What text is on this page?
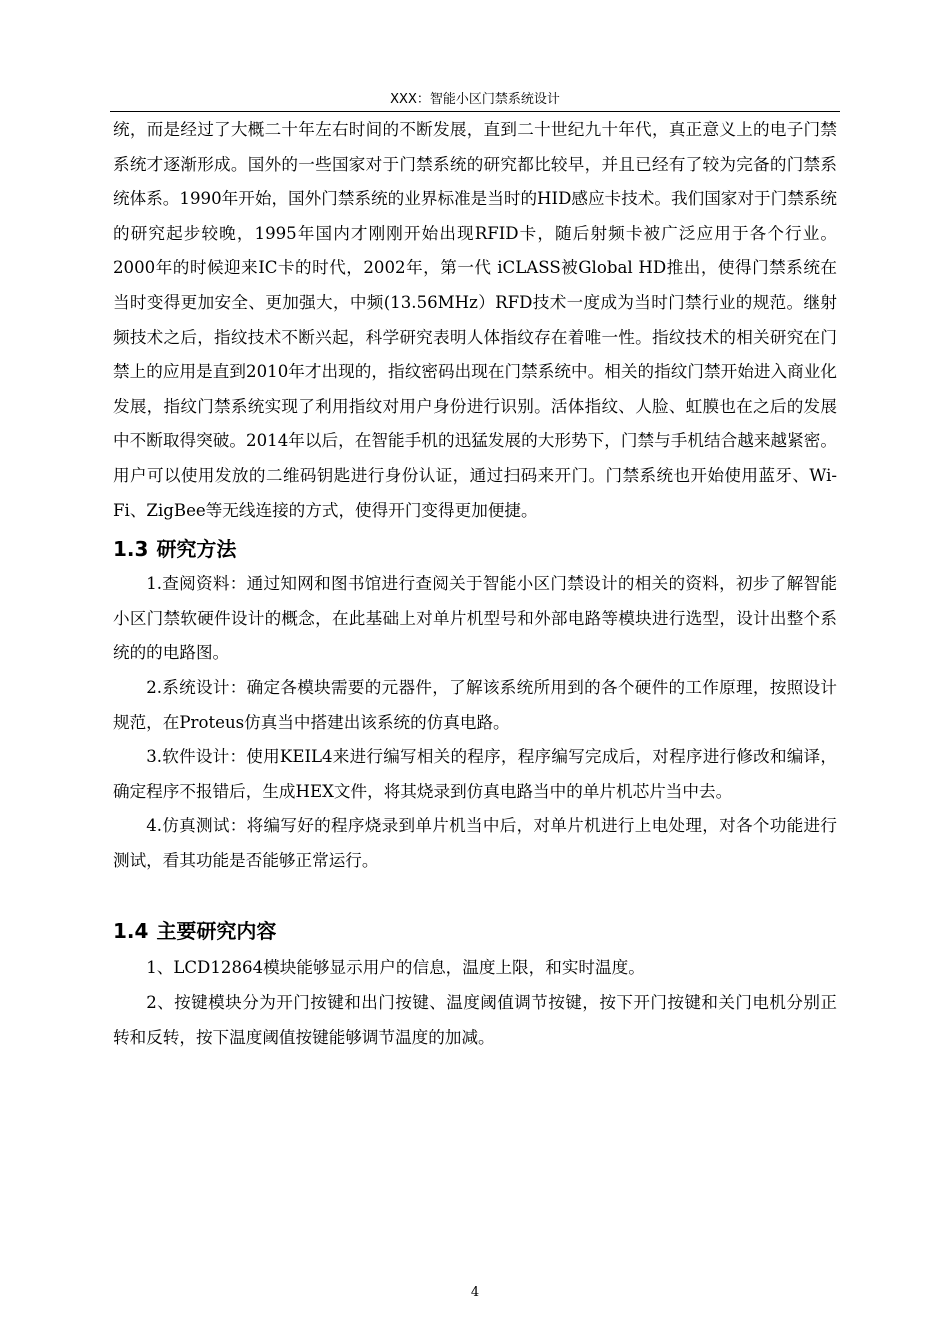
XXX：智能小区门禁系统设计

统，而是经过了大概二十年左右时间的不断发展，直到二十世纪九十年代，真正意义上的电子门禁系统才逐渐形成。国外的一些国家对于门禁系统的研究都比较早，并且已经有了较为完备的门禁系统体系。1990年开始，国外门禁系统的业界标准是当时的HID感应卡技术。我们国家对于门禁系统的研究起步较晚，1995年国内才刚刚开始出现RFID卡，随后射频卡被广泛应用于各个行业。2000年的时候迎来IC卡的时代，2002年，第一代 iCLASS被Global HD推出，使得门禁系统在当时变得更加安全、更加强大，中频(13.56MHz）RFD技术一度成为当时门禁行业的规范。继射频技术之后，指纹技术不断兴起，科学研究表明人体指纹存在着唯一性。指纹技术的相关研究在门禁上的应用是直到2010年才出现的，指纹密码出现在门禁系统中。相关的指纹门禁开始进入商业化发展，指纹门禁系统实现了利用指纹对用户身份进行识别。活体指纹、人脸、虹膜也在之后的发展中不断取得突破。2014年以后，在智能手机的迅猛发展的大形势下，门禁与手机结合越来越紧密。用户可以使用发放的二维码钥匙进行身份认证，通过扫码来开门。门禁系统也开始使用蓝牙、Wi-Fi、ZigBee等无线连接的方式，使得开门变得更加便捷。

1.3 研究方法

1.查阅资料：通过知网和图书馆进行查阅关于智能小区门禁设计的相关的资料，初步了解智能小区门禁软硬件设计的概念，在此基础上对单片机型号和外部电路等模块进行选型，设计出整个系统的的电路图。

2.系统设计：确定各模块需要的元器件，了解该系统所用到的各个硬件的工作原理，按照设计规范，在Proteus仿真当中搭建出该系统的仿真电路。

3.软件设计：使用KEIL4来进行编写相关的程序，程序编写完成后，对程序进行修改和编译，确定程序不报错后，生成HEX文件，将其烧录到仿真电路当中的单片机芯片当中去。

4.仿真测试：将编写好的程序烧录到单片机当中后，对单片机进行上电处理，对各个功能进行测试，看其功能是否能够正常运行。

1.4 主要研究内容

1、LCD12864模块能够显示用户的信息，温度上限，和实时温度。

2、按键模块分为开门按键和出门按键、温度阈值调节按键，按下开门按键和关门电机分别正转和反转，按下温度阈值按键能够调节温度的加减。

4
